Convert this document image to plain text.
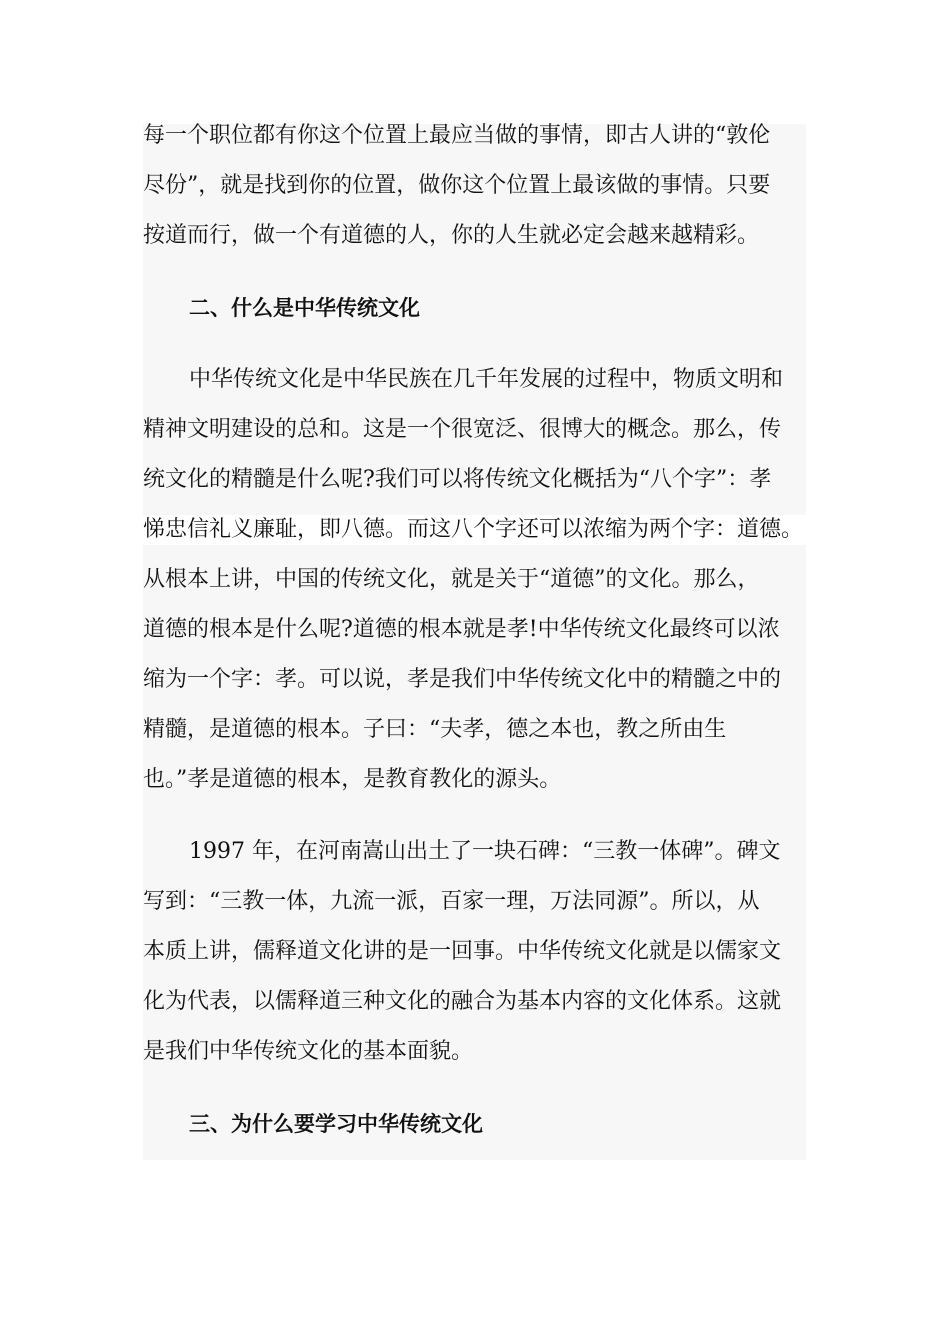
每一个职位都有你这个位置上最应当做的事情，即古人讲的“敦伦
尽份”，就是找到你的位置，做你这个位置上最该做的事情。只要
按道而行，做一个有道德的人，你的人生就必定会越来越精彩。
二、什么是中华传统文化
中华传统文化是中华民族在几千年发展的过程中，物质文明和
精神文明建设的总和。这是一个很宽泛、很博大的概念。那么，传
统文化的精髓是什么呢?我们可以将传统文化概括为“八个字”：孝
悌忠信礼义廉耻，即八德。而这八个字还可以浓缩为两个字：道德。
从根本上讲，中国的传统文化，就是关于“道德”的文化。那么，
道德的根本是什么呢?道德的根本就是孝!中华传统文化最终可以浓
缩为一个字：孝。可以说，孝是我们中华传统文化中的精髓之中的
精髓，是道德的根本。子曰：“夫孝，德之本也，教之所由生
也。”孝是道德的根本，是教育教化的源头。
1997 年，在河南嵩山出土了一块石碑：“三教一体碑”。碑文
写到：“三教一体，九流一派，百家一理，万法同源”。所以，从
本质上讲，儒释道文化讲的是一回事。中华传统文化就是以儒家文
化为代表，以儒释道三种文化的融合为基本内容的文化体系。这就
是我们中华传统文化的基本面貌。
三、为什么要学习中华传统文化
